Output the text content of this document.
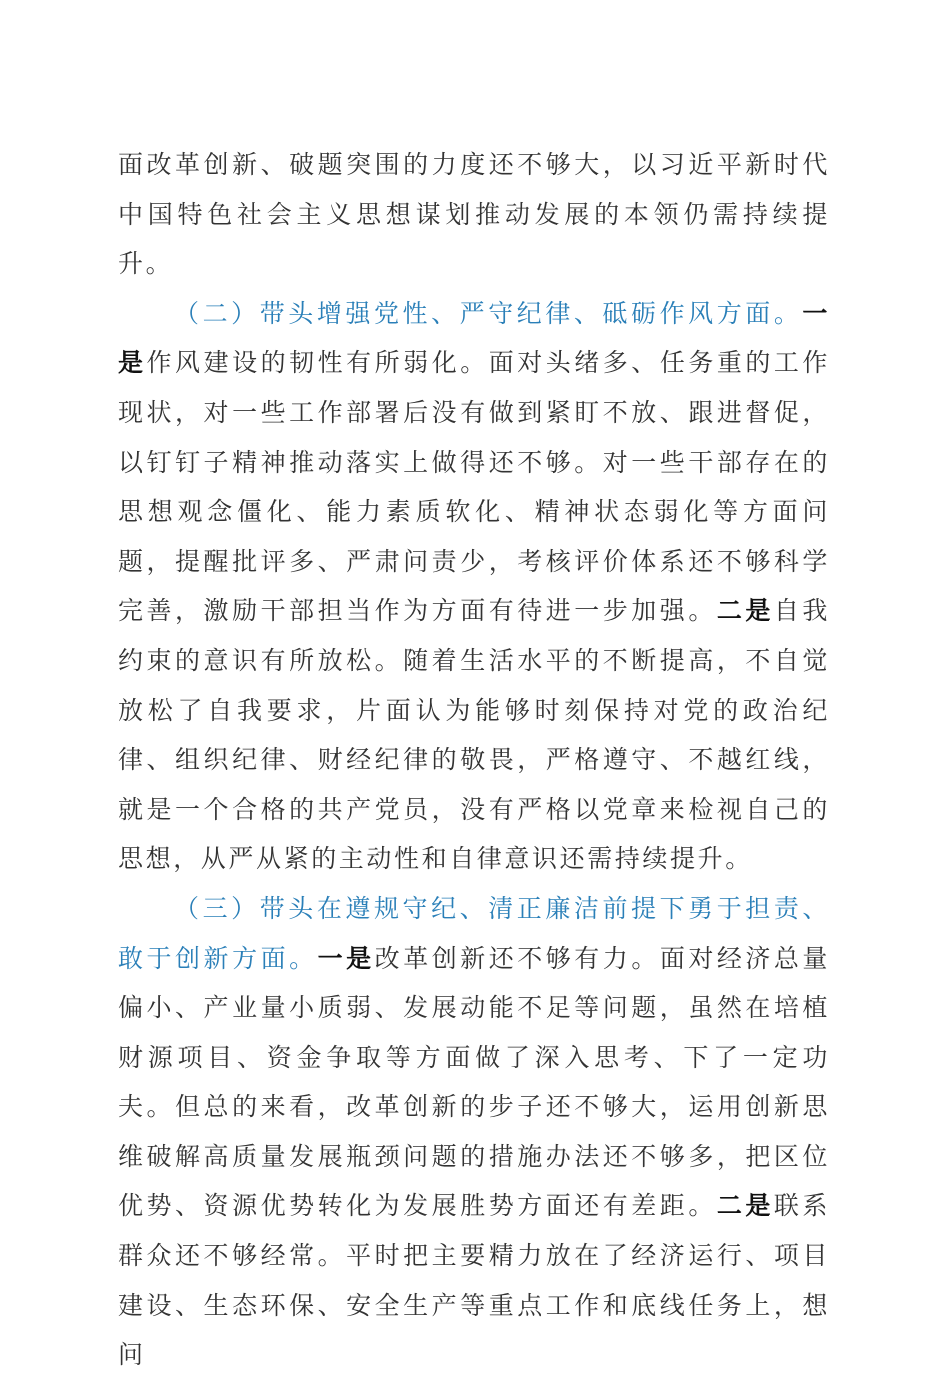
面改革创新、破题突围的力度还不够大，以习近平新时代中国特色社会主义思想谋划推动发展的本领仍需持续提升。

（二）带头增强党性、严守纪律、砥砺作风方面。一是作风建设的韧性有所弱化。面对头绪多、任务重的工作现状，对一些工作部署后没有做到紧盯不放、跟进督促，以钉钉子精神推动落实上做得还不够。对一些干部存在的思想观念僵化、能力素质软化、精神状态弱化等方面问题，提醒批评多、严肃问责少，考核评价体系还不够科学完善，激励干部担当作为方面有待进一步加强。二是自我约束的意识有所放松。随着生活水平的不断提高，不自觉放松了自我要求，片面认为能够时刻保持对党的政治纪律、组织纪律、财经纪律的敬畏，严格遵守、不越红线，就是一个合格的共产党员，没有严格以党章来检视自己的思想，从严从紧的主动性和自律意识还需持续提升。

（三）带头在遵规守纪、清正廉洁前提下勇于担责、敢于创新方面。一是改革创新还不够有力。面对经济总量偏小、产业量小质弱、发展动能不足等问题，虽然在培植财源项目、资金争取等方面做了深入思考、下了一定功夫。但总的来看，改革创新的步子还不够大，运用创新思维破解高质量发展瓶颈问题的措施办法还不够多，把区位优势、资源优势转化为发展胜势方面还有差距。二是联系群众还不够经常。平时把主要精力放在了经济运行、项目建设、生态环保、安全生产等重点工作和底线任务上，想问
